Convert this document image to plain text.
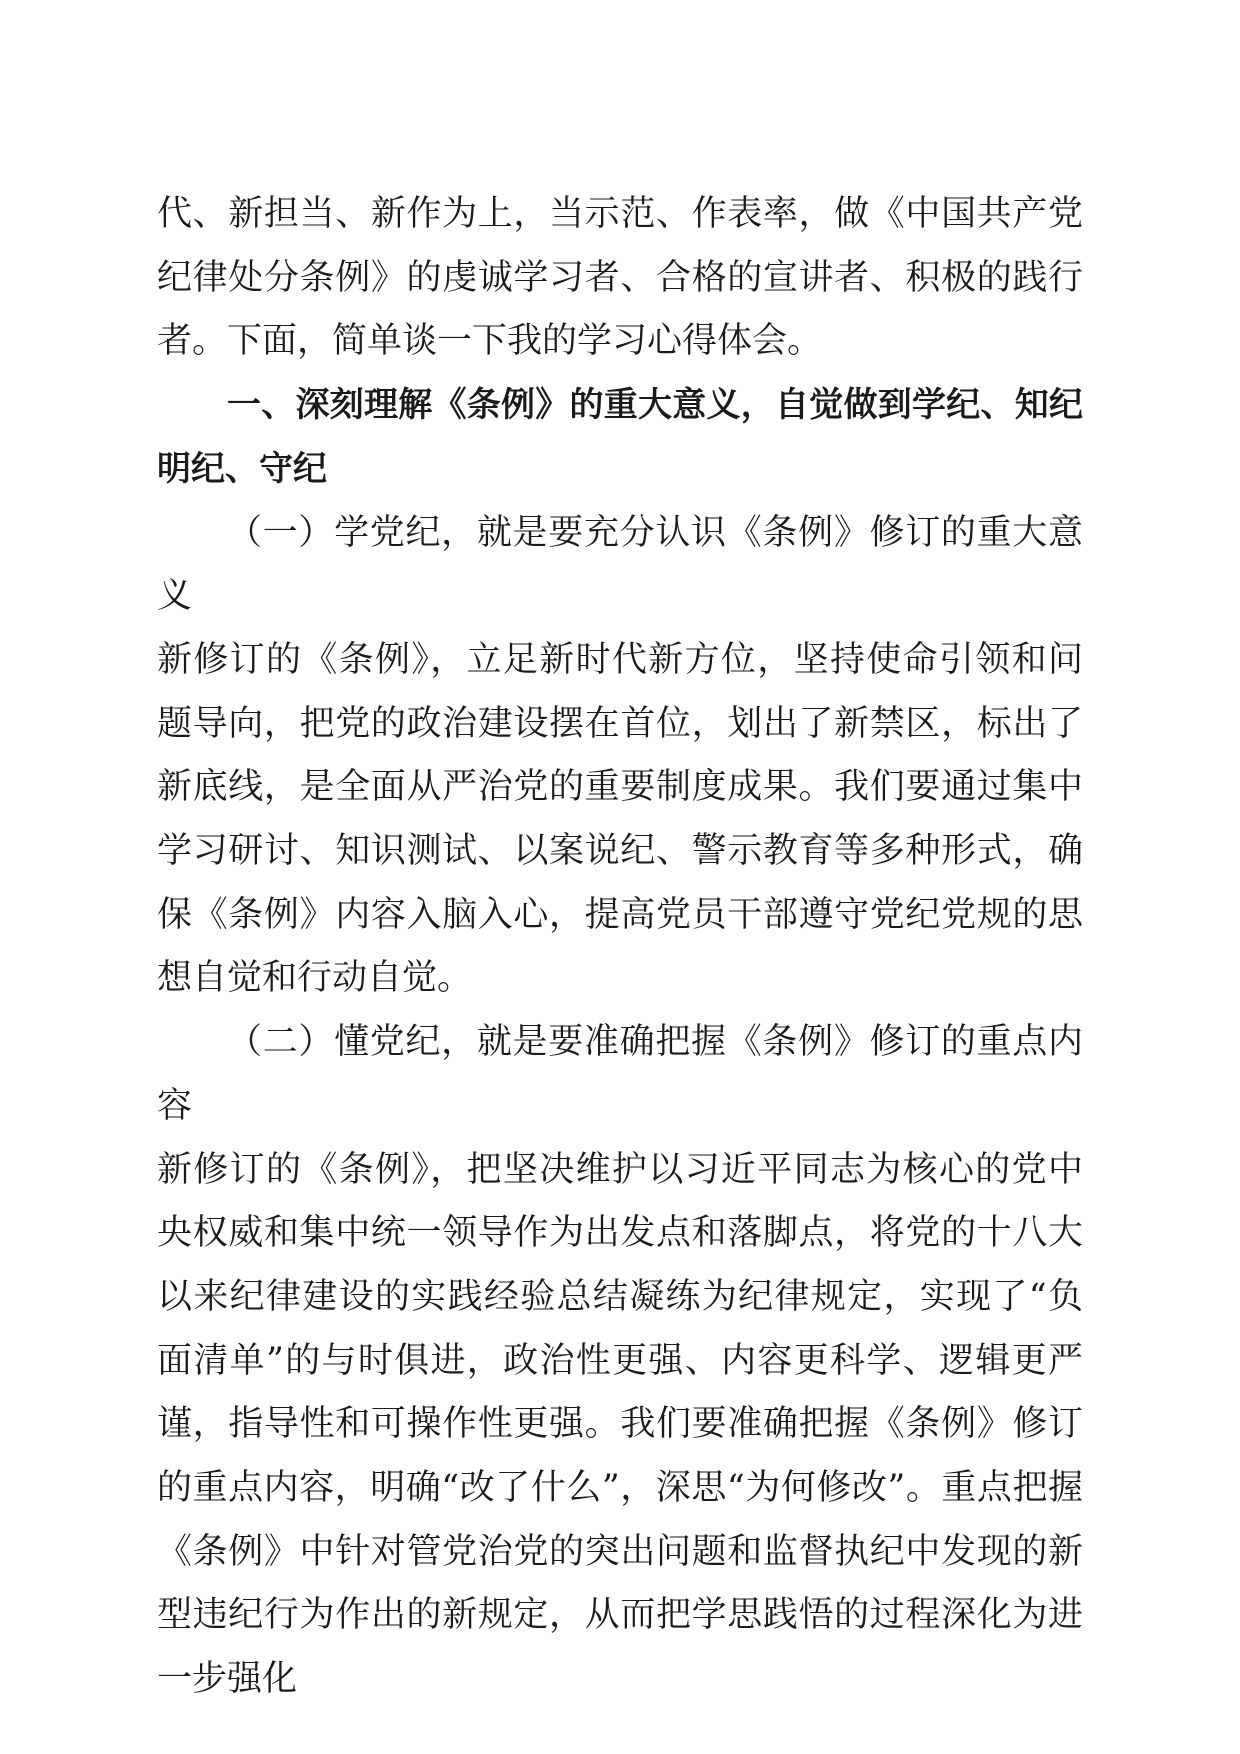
代、新担当、新作为上，当示范、作表率，做《中国共产党纪律处分条例》的虔诚学习者、合格的宣讲者、积极的践行者。下面，简单谈一下我的学习心得体会。

一、深刻理解《条例》的重大意义，自觉做到学纪、知纪明纪、守纪

（一）学党纪，就是要充分认识《条例》修订的重大意义
新修订的《条例》，立足新时代新方位，坚持使命引领和问题导向，把党的政治建设摆在首位，划出了新禁区，标出了新底线，是全面从严治党的重要制度成果。我们要通过集中学习研讨、知识测试、以案说纪、警示教育等多种形式，确保《条例》内容入脑入心，提高党员干部遵守党纪党规的思想自觉和行动自觉。

（二）懂党纪，就是要准确把握《条例》修订的重点内容
新修订的《条例》，把坚决维护以习近平同志为核心的党中央权威和集中统一领导作为出发点和落脚点，将党的十八大以来纪律建设的实践经验总结凝练为纪律规定，实现了“负面清单”的与时俱进，政治性更强、内容更科学、逻辑更严谨，指导性和可操作性更强。我们要准确把握《条例》修订的重点内容，明确“改了什么”，深思“为何修改”。重点把握《条例》中针对管党治党的突出问题和监督执纪中发现的新型违纪行为作出的新规定，从而把学思践悟的过程深化为进一步强化
